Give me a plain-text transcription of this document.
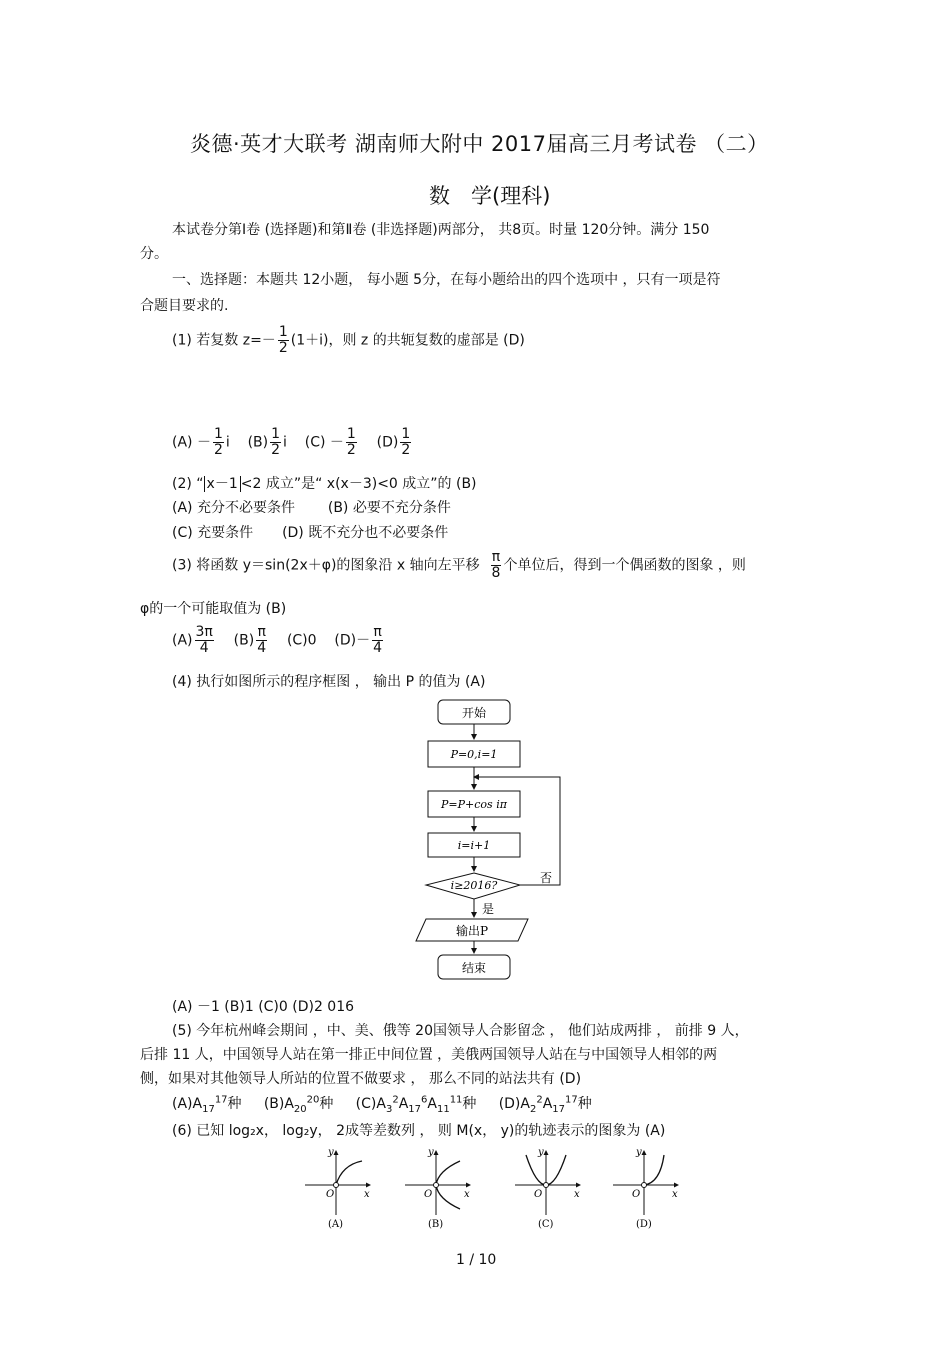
炎德·英才大联考 湖南师大附中 2017届高三月考试卷 （二）
数　学(理科)
本试卷分第Ⅰ卷 (选择题)和第Ⅱ卷 (非选择题)两部分， 共8页。时量 120分钟。满分 150
分。
一、选择题：本题共 12小题， 每小题 5分，在每小题给出的四个选项中 ，只有一项是符
合题目要求的.
(1) 若复数 $z=- \frac{1}{2} (1+i)$，则 z 的共轭复数的虚部是 (D)
$(A) - \frac{1}{2}$ i $(B) \frac{1}{2}$ i $(C) - \frac{1}{2} (D) \frac{1}{2}$
(2) “ x－1 <2 成立”是“ x(x－3)<0 成立”的 (B)
(A) 充分不必要条件 (B) 必要不充分条件
(C) 充要条件 (D) 既不充分也不必要条件
(3) 将函数 y＝sin(2x＋φ)的图象沿 x 轴向左平移 $\frac{\pi}{8}$ 个单位后，得到一个偶函数的图象 ，则
φ的一个可能取值为 (B)
$(A) \frac{3\pi}{4} (B) \frac{\pi}{4} (C)0$ $(D)- \frac{\pi}{4}$
(4) 执行如图所示的程序框图 ， 输出 P 的值为 (A)
开始
P=0,i=1
P=P+cos iπ
i=i+1
i≥2016?
否
是
输出P
结束
(A) －1 (B)1 (C)0 (D)2 016
(5) 今年杭州峰会期间 ，中、美、俄等 20国领导人合影留念 ， 他们站成两排 ， 前排 9 人，
后排 11 人，中国领导人站在第一排正中间位置 ，美俄两国领导人站在与中国领导人相邻的两
侧，如果对其他领导人所站的位置不做要求 ， 那么不同的站法共有 (D)
$(A)A_{17}^{17}$种 $(B)A_{20}^{20}$种 $(C)A_3^2A_{17}^6A_{11}^{11}$种 $(D)A_2^2A_{17}^{17}$种
(6) 已知 log₂x， log₂y， 2成等差数列 ， 则 M(x， y)的轨迹表示的图象为 (A)
y
x
O
(A)
y
x
O
(B)
y
x
O
(C)
y
x
O
(D)
1 / 10
